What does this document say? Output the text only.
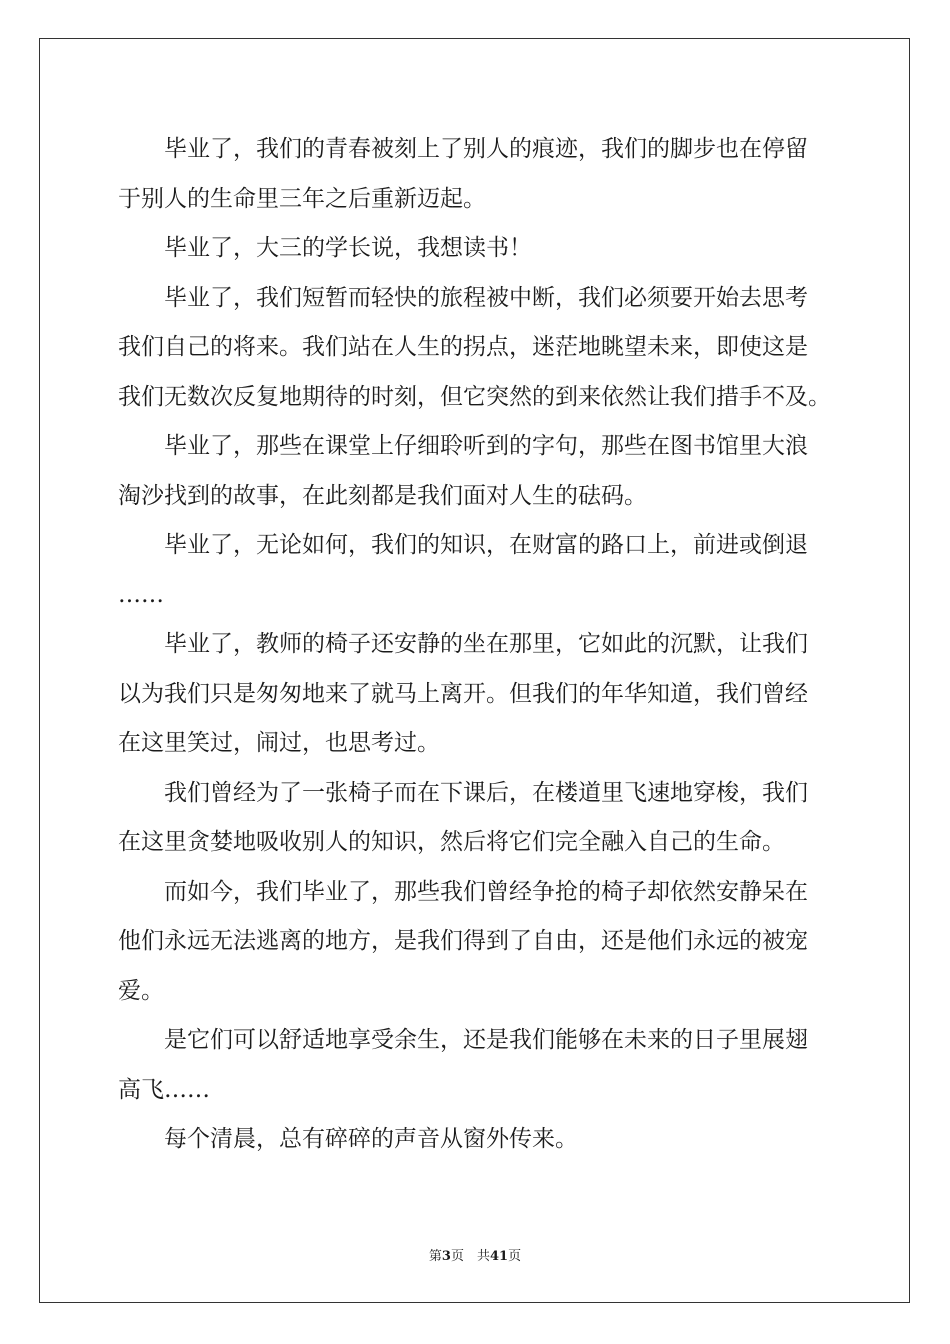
　　毕业了，我们的青春被刻上了别人的痕迹，我们的脚步也在停留
于别人的生命里三年之后重新迈起。
　　毕业了，大三的学长说，我想读书！
　　毕业了，我们短暂而轻快的旅程被中断，我们必须要开始去思考
我们自己的将来。我们站在人生的拐点，迷茫地眺望未来，即使这是
我们无数次反复地期待的时刻，但它突然的到来依然让我们措手不及。
　　毕业了，那些在课堂上仔细聆听到的字句，那些在图书馆里大浪
淘沙找到的故事，在此刻都是我们面对人生的砝码。
　　毕业了，无论如何，我们的知识，在财富的路口上，前进或倒退
……
　　毕业了，教师的椅子还安静的坐在那里，它如此的沉默，让我们
以为我们只是匆匆地来了就马上离开。但我们的年华知道，我们曾经
在这里笑过，闹过，也思考过。
　　我们曾经为了一张椅子而在下课后，在楼道里飞速地穿梭，我们
在这里贪婪地吸收别人的知识，然后将它们完全融入自己的生命。
　　而如今，我们毕业了，那些我们曾经争抢的椅子却依然安静呆在
他们永远无法逃离的地方，是我们得到了自由，还是他们永远的被宠
爱。
　　是它们可以舒适地享受余生，还是我们能够在未来的日子里展翅
高飞……
　　每个清晨，总有碎碎的声音从窗外传来。
第3页　共41页
